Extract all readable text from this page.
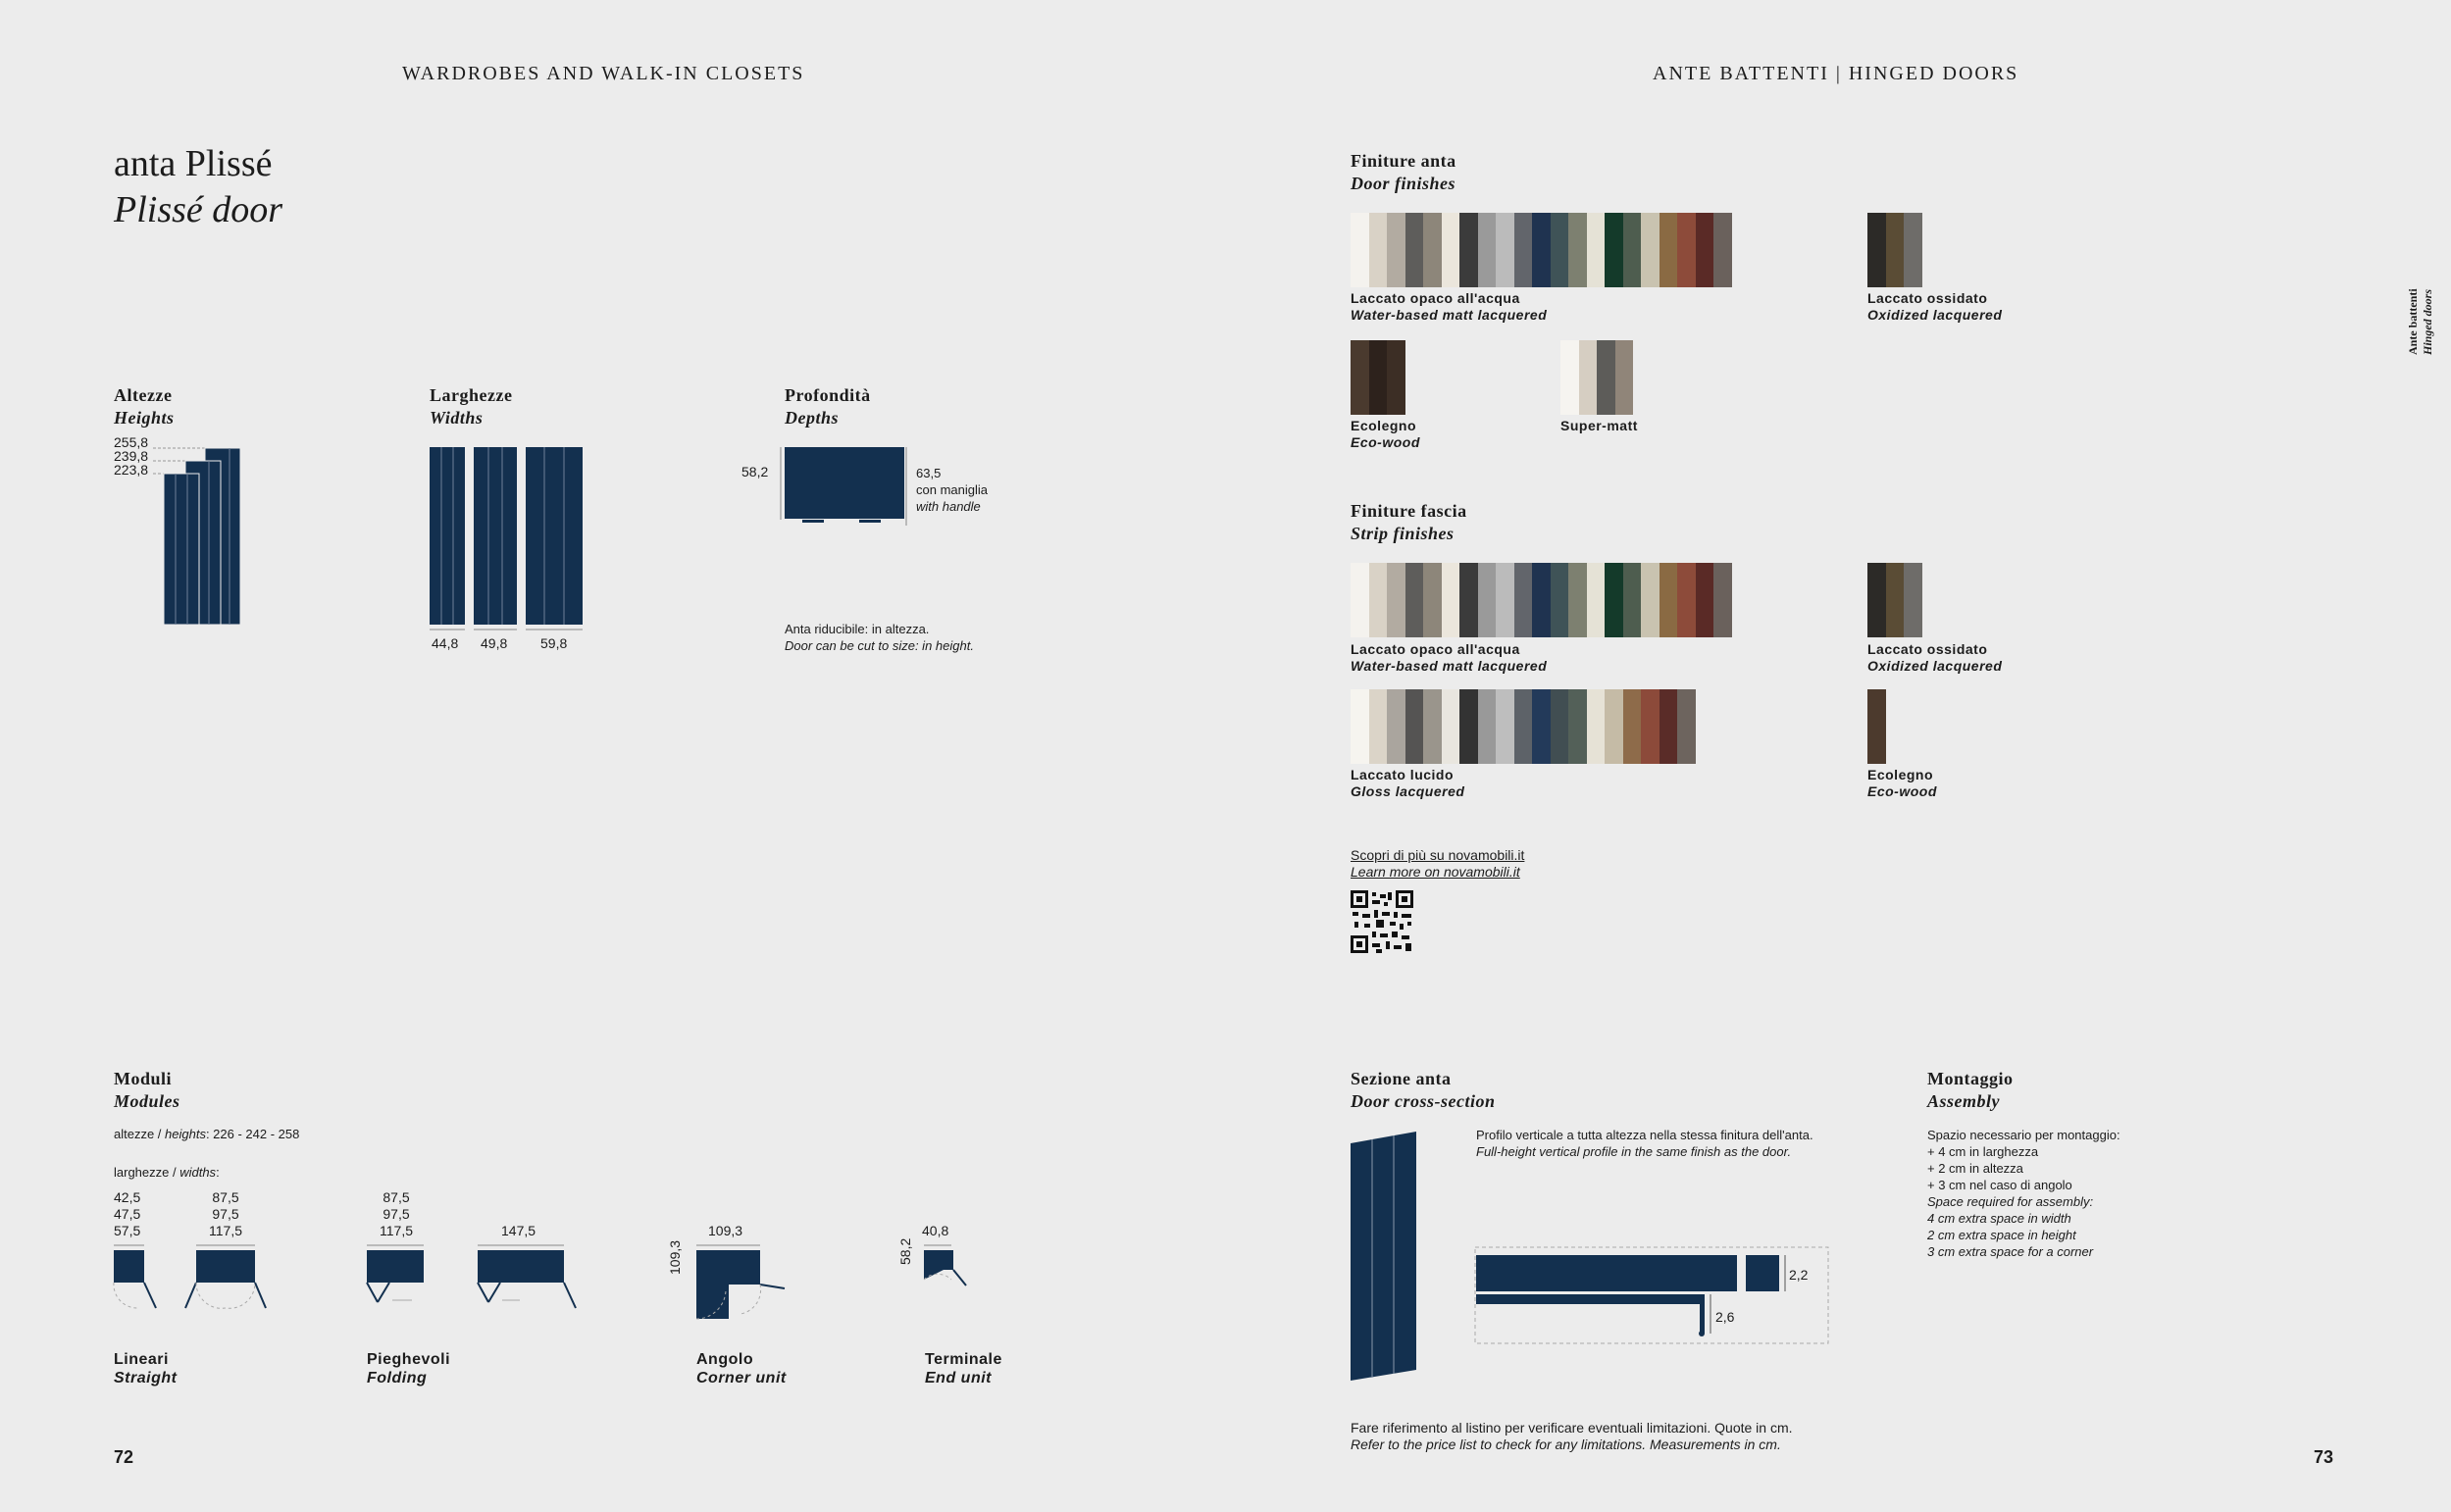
WARDROBES AND WALK-IN CLOSETS	ANTE BATTENTI | HINGED DOORS
anta Plissé
Plissé door
Altezze
Heights
255,8
239,8
223,8
Larghezze
Widths
44,8 49,8 59,8
Profondità
Depths
58,2	63,5
con maniglia
with handle
Anta riducibile: in altezza.
Door can be cut to size: in height.
Moduli
Modules
altezze / heights: 226 - 242 - 258
larghezze / widths:
42,5
47,5
57,5
87,5
97,5
117,5
87,5
97,5
117,5	147,5	109,3	40,8
109,3	58,2
Lineari
Straight
Pieghevoli
Folding
Angolo
Corner unit
Terminale
End unit
72	73
Ante battenti
Hinged doors
Finiture anta
Door finishes
Laccato opaco all'acqua
Water-based matt lacquered
Laccato ossidato
Oxidized lacquered
Ecolegno
Eco-wood
Super-matt
Finiture fascia
Strip finishes
Laccato opaco all'acqua
Water-based matt lacquered
Laccato ossidato
Oxidized lacquered
Laccato lucido
Gloss lacquered
Ecolegno
Eco-wood
Scopri di più su novamobili.it
Learn more on novamobili.it
Sezione anta
Door cross-section
Profilo verticale a tutta altezza nella stessa finitura dell'anta.
Full-height vertical profile in the same finish as the door.
2,2
2,6
Montaggio
Assembly
Spazio necessario per montaggio:
+ 4 cm in larghezza
+ 2 cm in altezza
+ 3 cm nel caso di angolo
Space required for assembly:
4 cm extra space in width
2 cm extra space in height
3 cm extra space for a corner
Fare riferimento al listino per verificare eventuali limitazioni. Quote in cm.
Refer to the price list to check for any limitations. Measurements in cm.
